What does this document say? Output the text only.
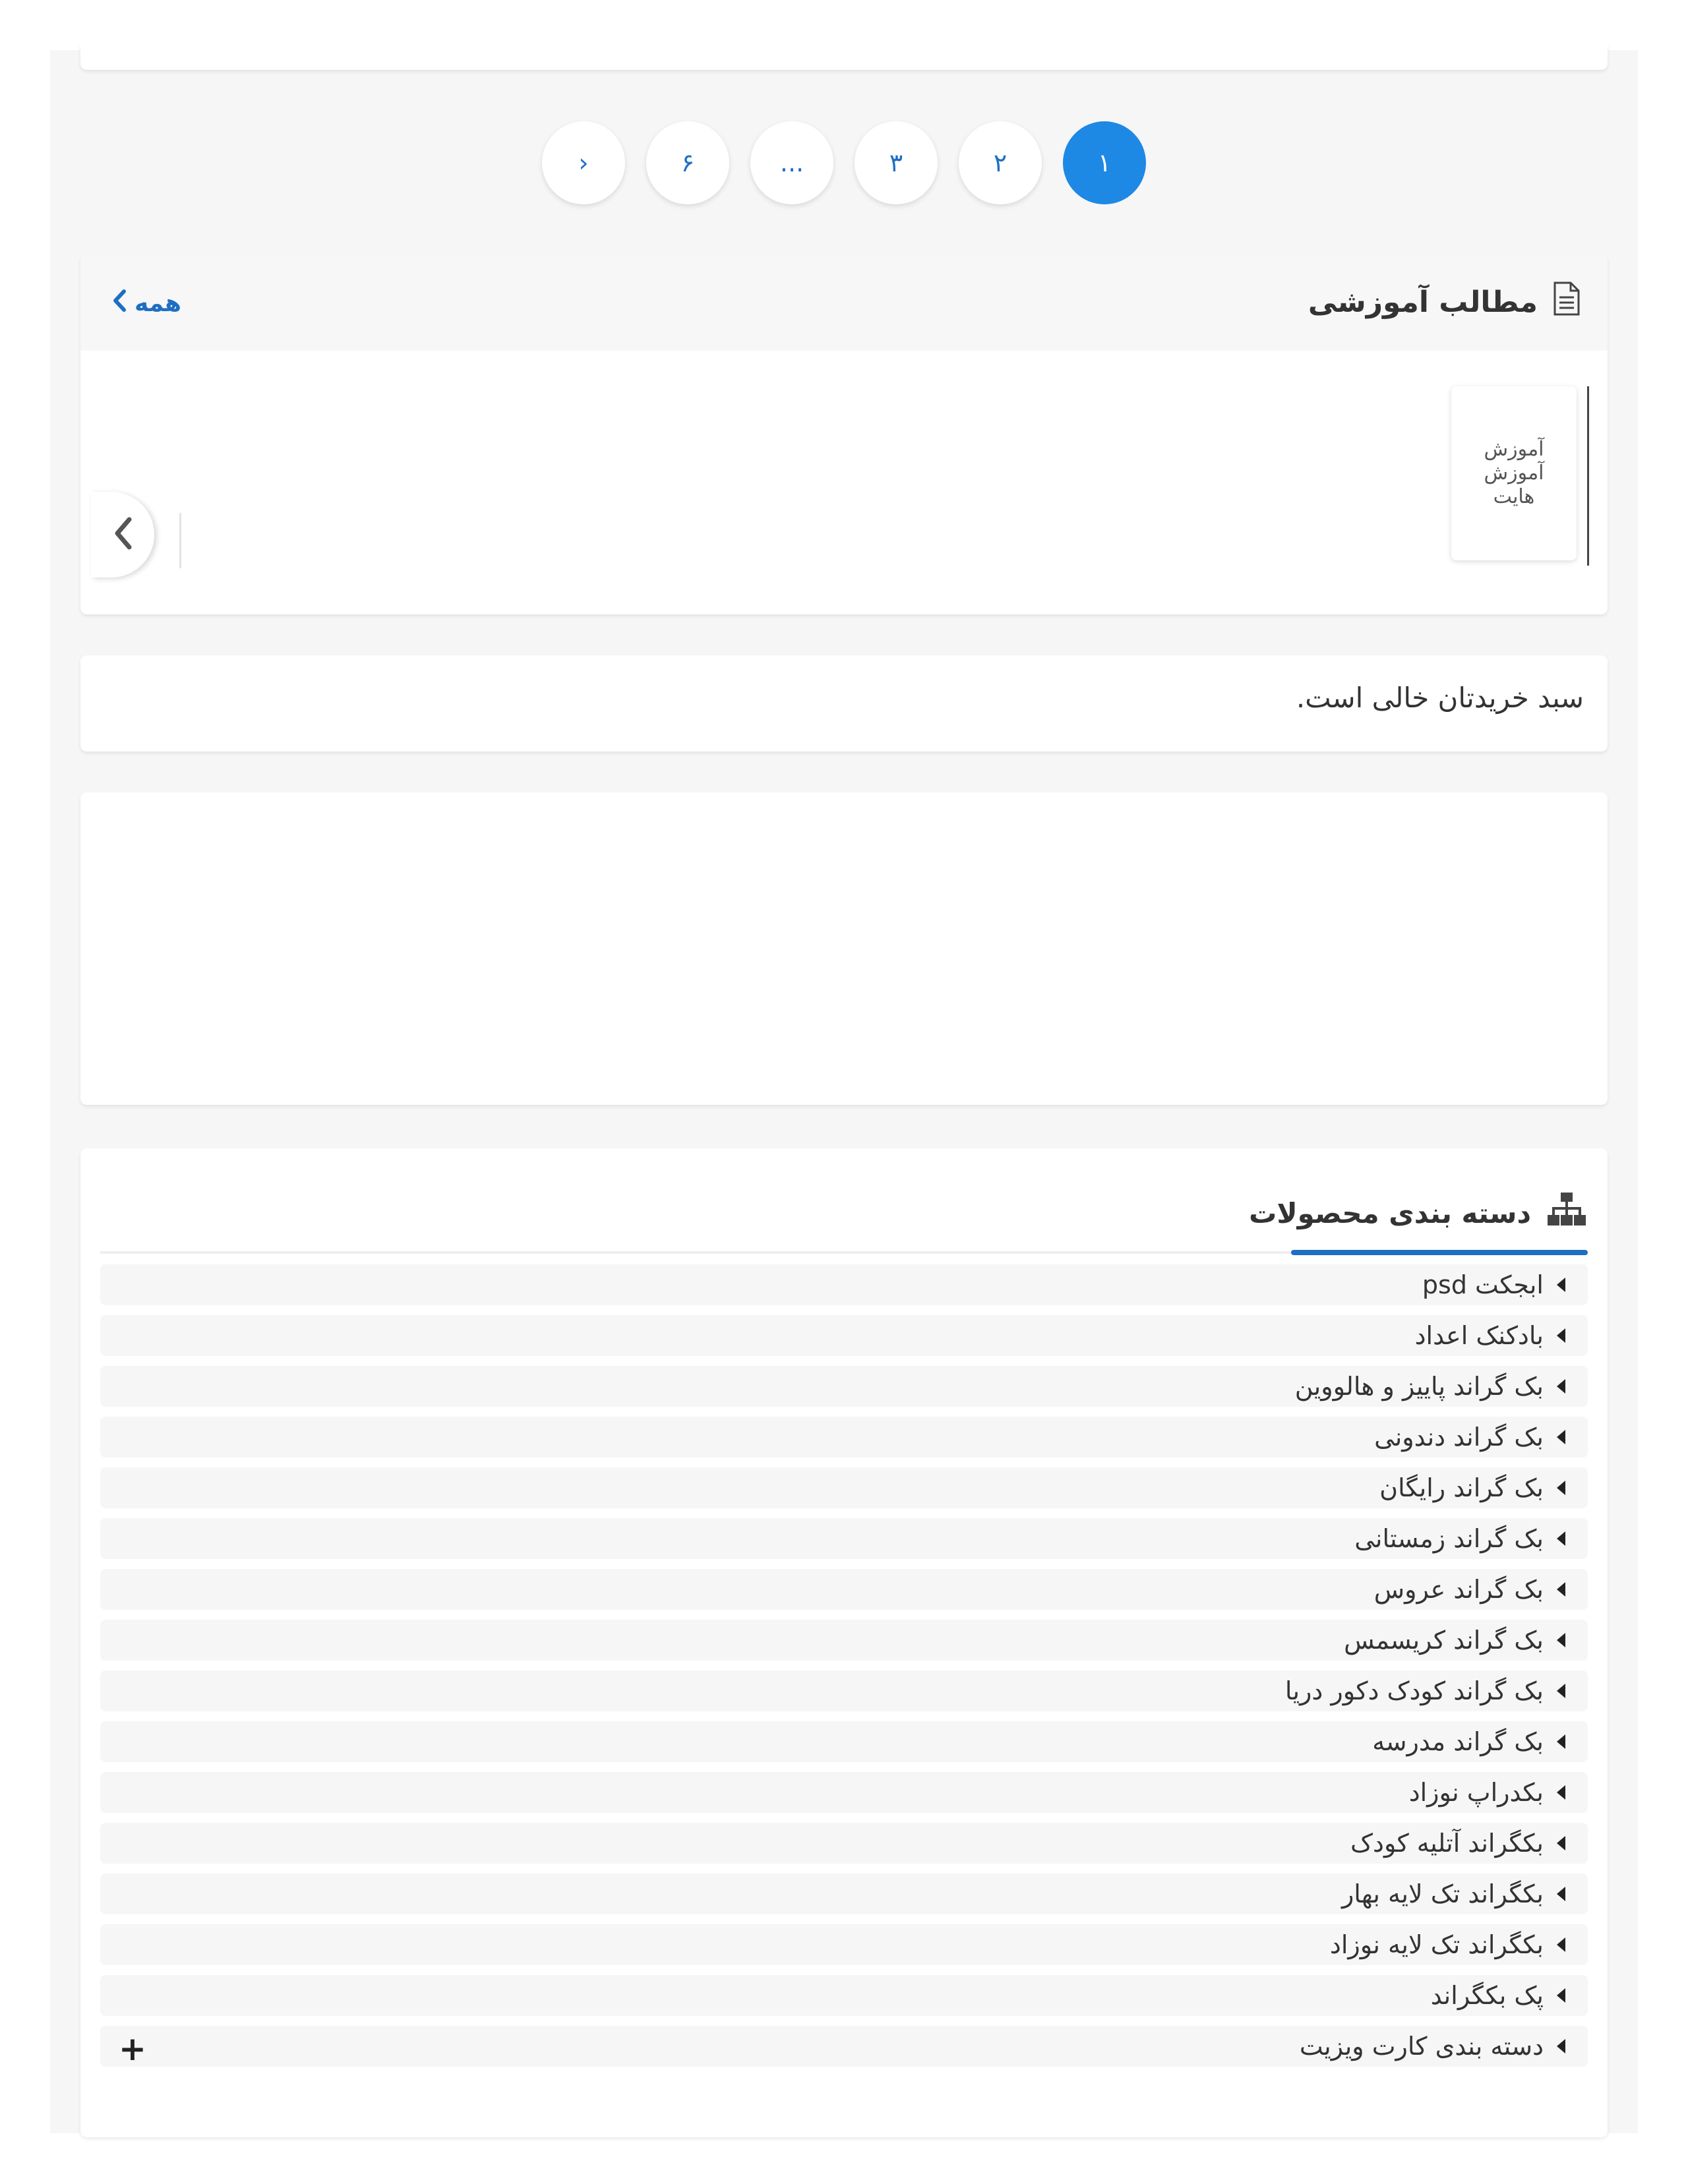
۱
۲
۳
...
۶
‹
مطالب آموزشی
همه
آموزش
آموزش
هایت
سبد خریدتان خالی است.
دسته بندی محصولات
ابجکت psd
بادکنک اعداد
بک گراند پاییز و هالووین
بک گراند دندونی
بک گراند رایگان
بک گراند زمستانی
بک گراند عروس
بک گراند کریسمس
بک گراند کودک دکور دریا
بک گراند مدرسه
بکدراپ نوزاد
بکگراند آتلیه کودک
بکگراند تک لایه بهار
بکگراند تک لایه نوزاد
پک بکگراند
دسته بندی کارت ویزیت
+
